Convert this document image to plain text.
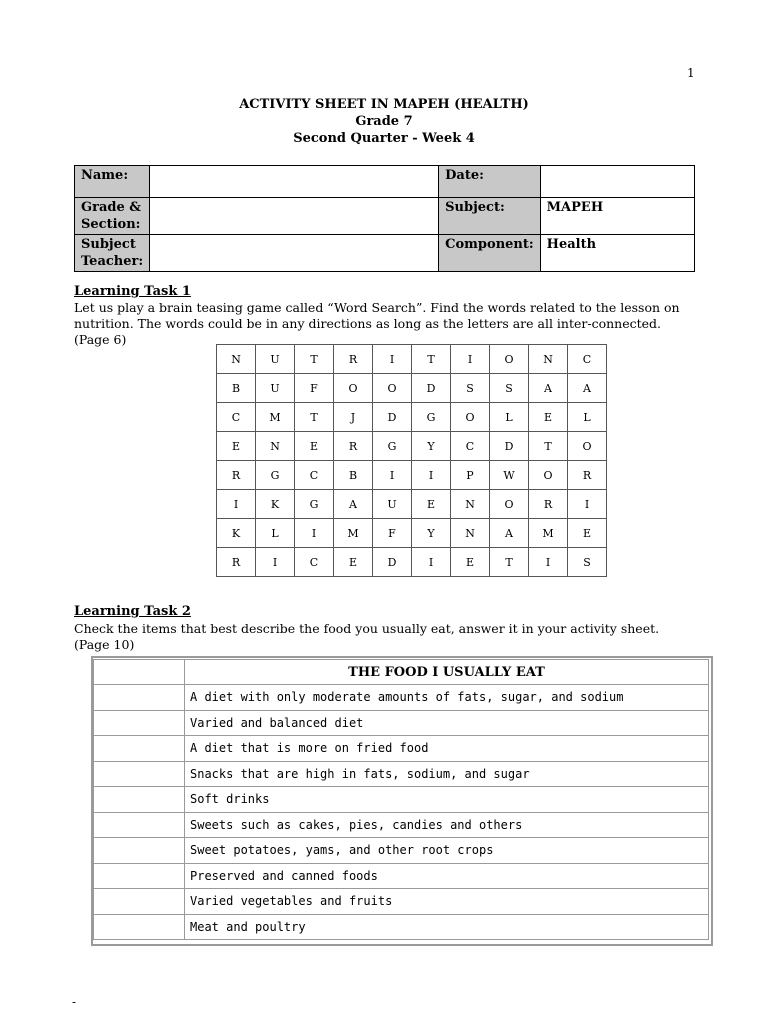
1
ACTIVITY SHEET IN MAPEH (HEALTH)
Grade 7
Second Quarter - Week 4
Name:		Date:	
Grade & Section:		Subject:	MAPEH
Subject Teacher:		Component:	Health
Learning Task 1
Let us play a brain teasing game called “Word Search”. Find the words related to the lesson on nutrition. The words could be in any directions as long as the letters are all inter-connected. (Page 6)
N	U	T	R	I	T	I	O	N	C
B	U	F	O	O	D	S	S	A	A
C	M	T	J	D	G	O	L	E	L
E	N	E	R	G	Y	C	D	T	O
R	G	C	B	I	I	P	W	O	R
I	K	G	A	U	E	N	O	R	I
K	L	I	M	F	Y	N	A	M	E
R	I	C	E	D	I	E	T	I	S
Learning Task 2
Check the items that best describe the food you usually eat, answer it in your activity sheet. (Page 10)
	THE FOOD I USUALLY EAT
	A diet with only moderate amounts of fats, sugar, and sodium
	Varied and balanced diet
	A diet that is more on fried food
	Snacks that are high in fats, sodium, and sugar
	Soft drinks
	Sweets such as cakes, pies, candies and others
	Sweet potatoes, yams, and other root crops
	Preserved and canned foods
	Varied vegetables and fruits
	Meat and poultry
-
